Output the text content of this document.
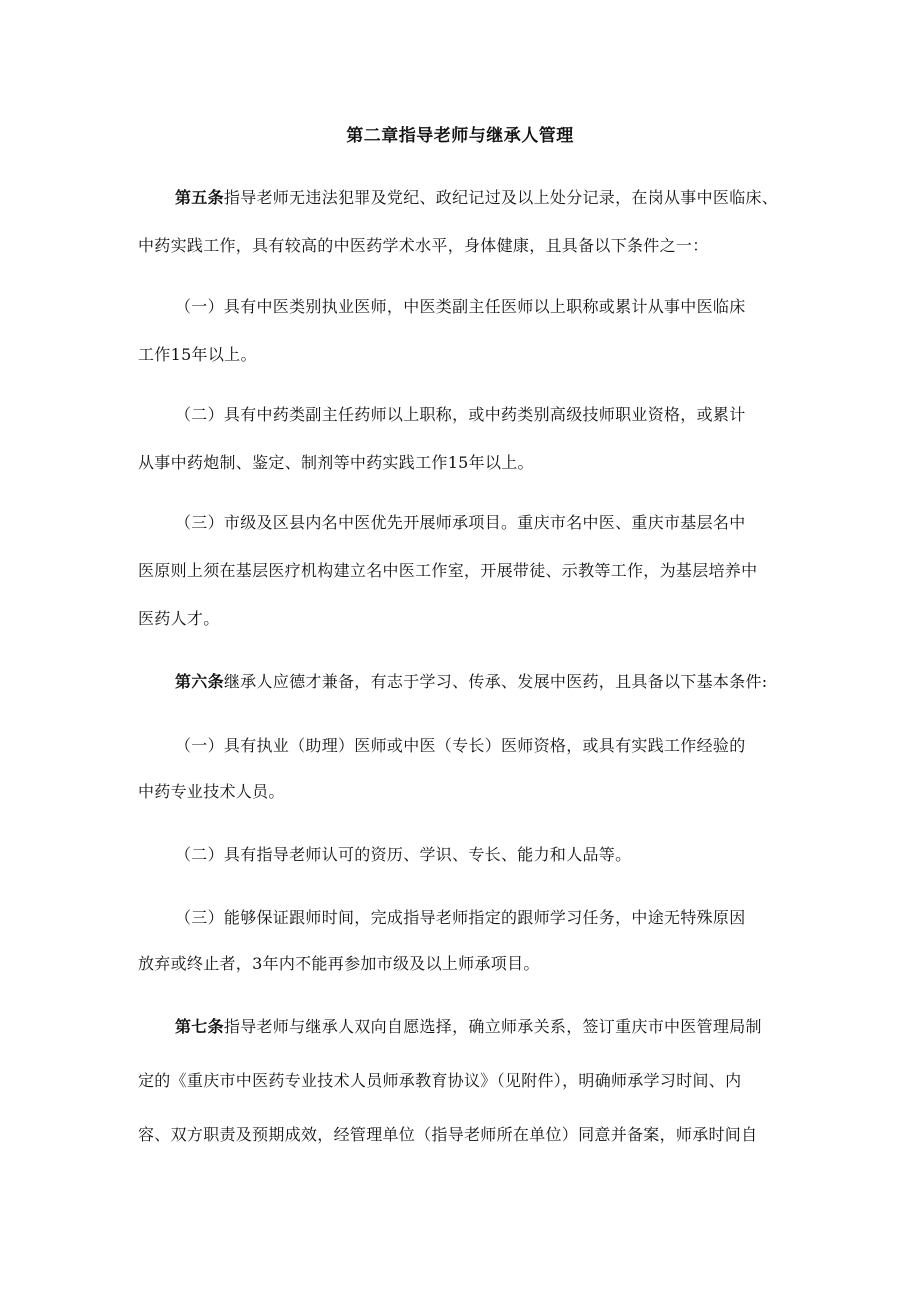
第二章指导老师与继承人管理
第五条指导老师无违法犯罪及党纪、政纪记过及以上处分记录，在岗从事中医临床、
中药实践工作，具有较高的中医药学术水平，身体健康，且具备以下条件之一：
（一）具有中医类别执业医师，中医类副主任医师以上职称或累计从事中医临床
工作15年以上。
（二）具有中药类副主任药师以上职称，或中药类别高级技师职业资格，或累计
从事中药炮制、鉴定、制剂等中药实践工作15年以上。
（三）市级及区县内名中医优先开展师承项目。重庆市名中医、重庆市基层名中
医原则上须在基层医疗机构建立名中医工作室，开展带徒、示教等工作，为基层培养中
医药人才。
第六条继承人应德才兼备，有志于学习、传承、发展中医药，且具备以下基本条件:
（一）具有执业（助理）医师或中医（专长）医师资格，或具有实践工作经验的
中药专业技术人员。
（二）具有指导老师认可的资历、学识、专长、能力和人品等。
（三）能够保证跟师时间，完成指导老师指定的跟师学习任务，中途无特殊原因
放弃或终止者，3年内不能再参加市级及以上师承项目。
第七条指导老师与继承人双向自愿选择，确立师承关系，签订重庆市中医管理局制
定的《重庆市中医药专业技术人员师承教育协议》（见附件），明确师承学习时间、内
容、双方职责及预期成效，经管理单位（指导老师所在单位）同意并备案，师承时间自
